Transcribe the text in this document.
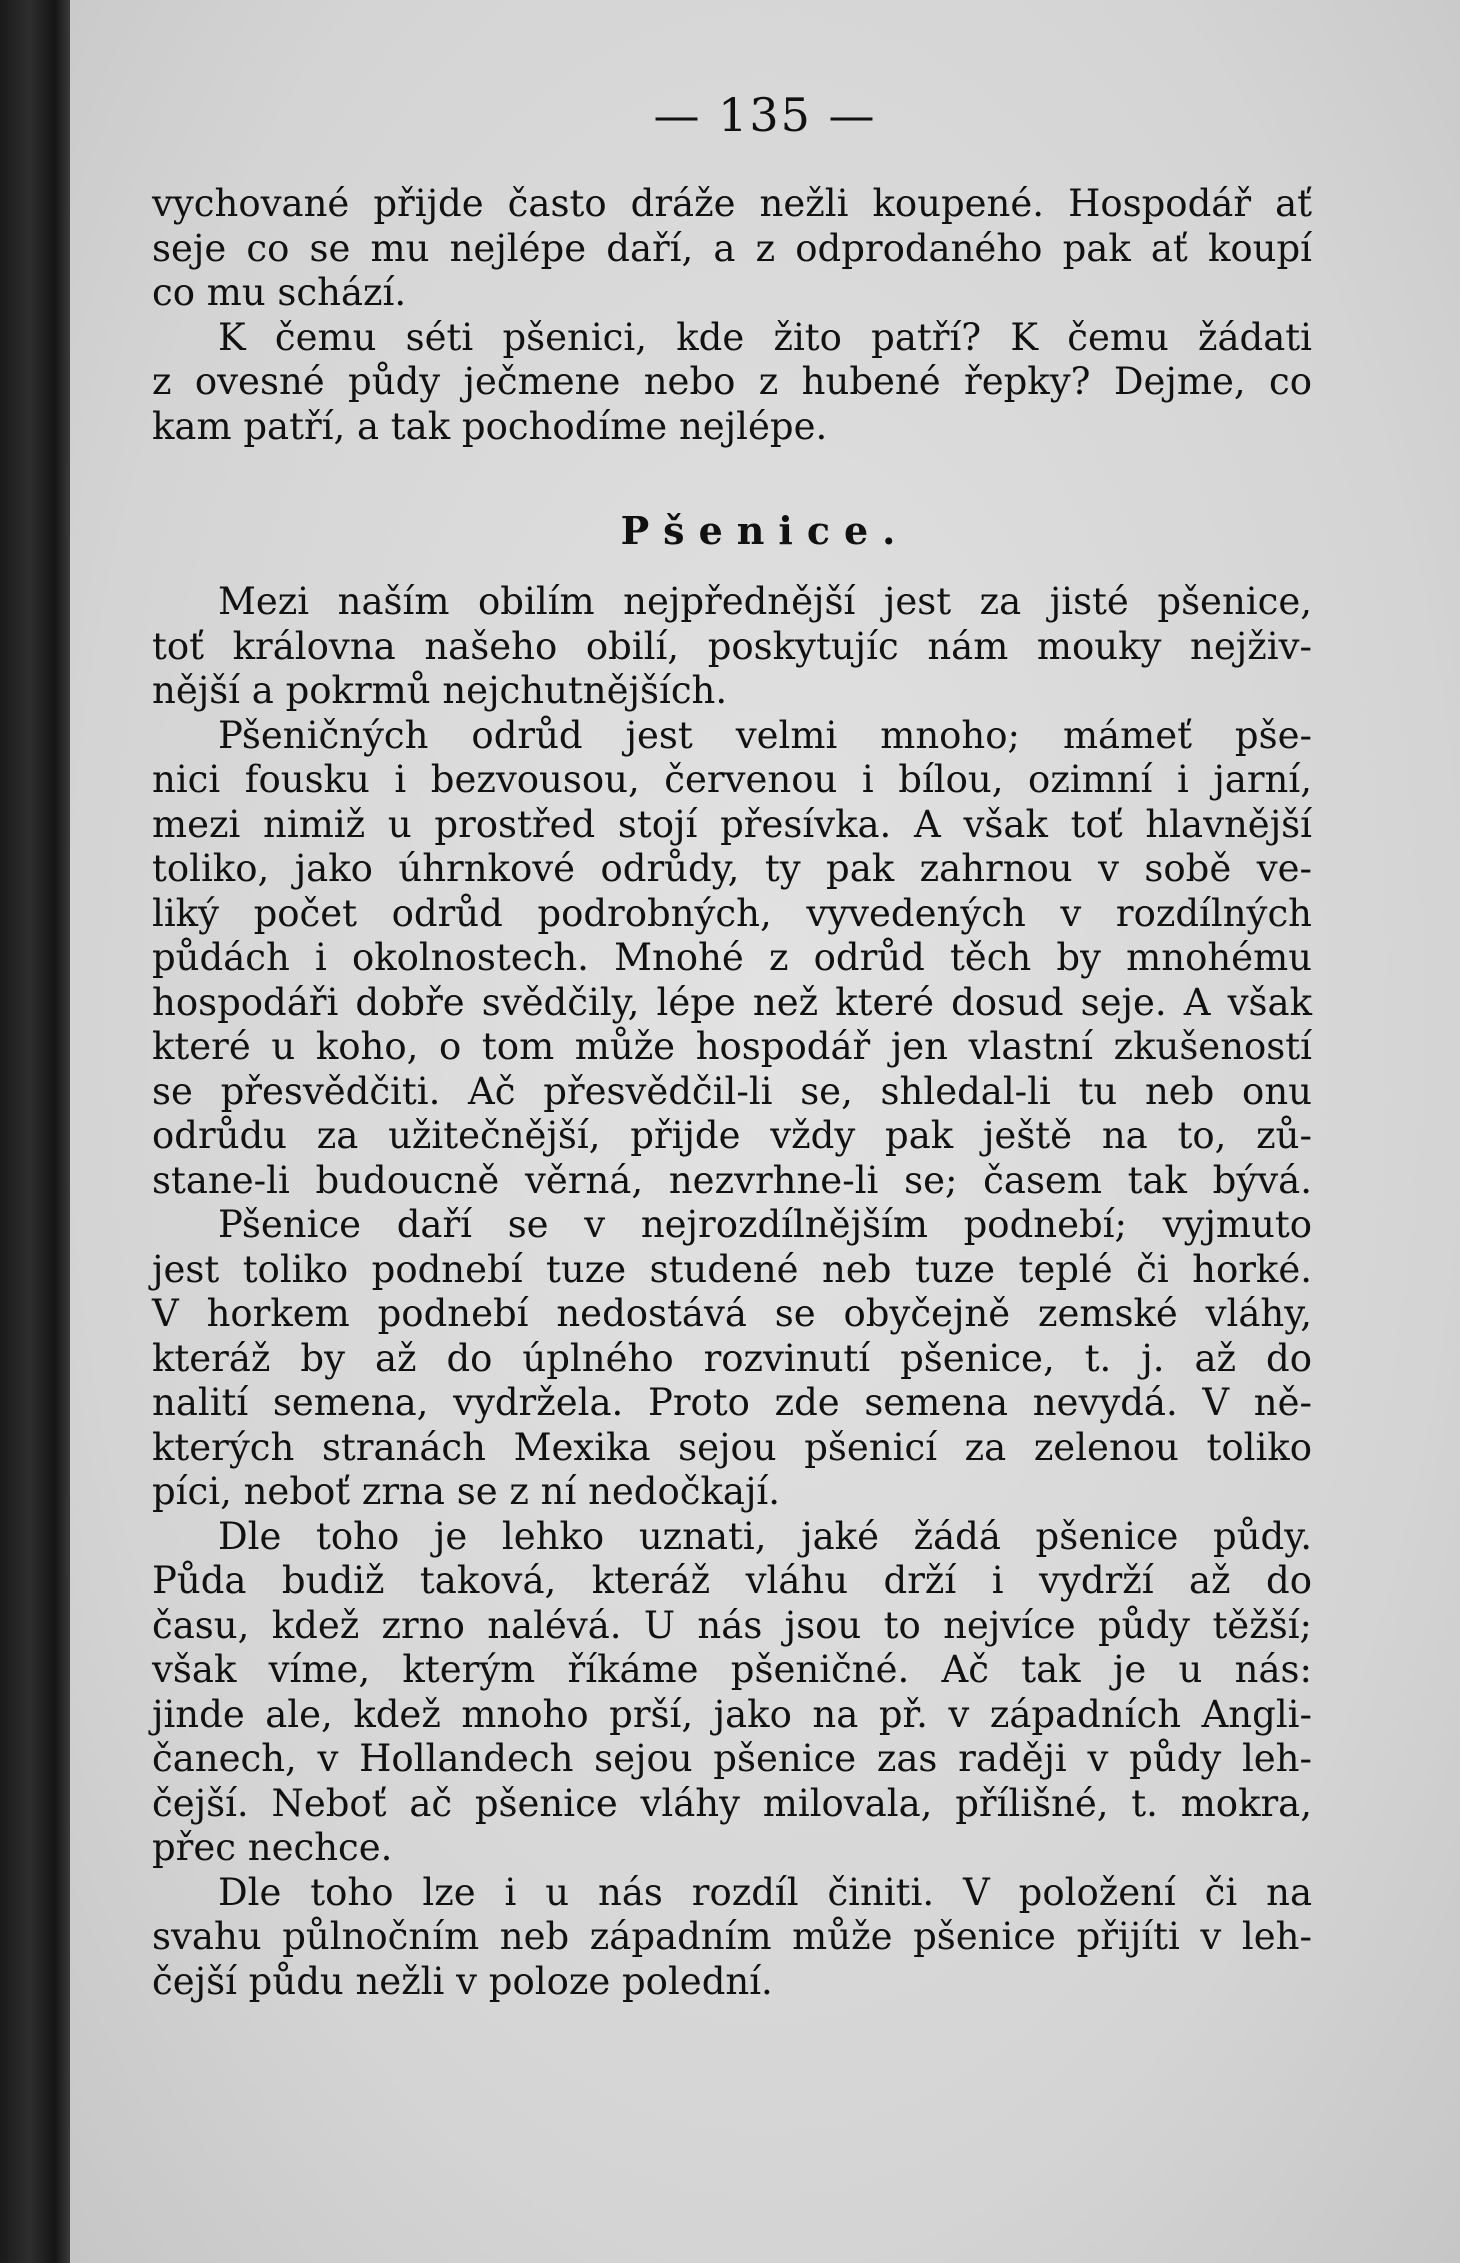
— 135 —
vychované přijde často dráže nežli koupené. Hospodář ať
seje co se mu nejlépe daří, a z odprodaného pak ať koupí
co mu schází.
K čemu séti pšenici, kde žito patří? K čemu žádati
z ovesné půdy ječmene nebo z hubené řepky? Dejme, co
kam patří, a tak pochodíme nejlépe.
Pšenice.
Mezi naším obilím nejpřednější jest za jisté pšenice,
toť královna našeho obilí, poskytujíc nám mouky nejživ-
nější a pokrmů nejchutnějších.
Pšeničných odrůd jest velmi mnoho; mámeť pše-
nici fousku i bezvousou, červenou i bílou, ozimní i jarní,
mezi nimiž u prostřed stojí přesívka. A však toť hlavnější
toliko, jako úhrnkové odrůdy, ty pak zahrnou v sobě ve-
liký počet odrůd podrobných, vyvedených v rozdílných
půdách i okolnostech. Mnohé z odrůd těch by mnohému
hospodáři dobře svědčily, lépe než které dosud seje. A však
které u koho, o tom může hospodář jen vlastní zkušeností
se přesvědčiti. Ač přesvědčil-li se, shledal-li tu neb onu
odrůdu za užitečnější, přijde vždy pak ještě na to, zů-
stane-li budoucně věrná, nezvrhne-li se; časem tak bývá.
Pšenice daří se v nejrozdílnějším podnebí; vyjmuto
jest toliko podnebí tuze studené neb tuze teplé či horké.
V horkem podnebí nedostává se obyčejně zemské vláhy,
kteráž by až do úplného rozvinutí pšenice, t. j. až do
nalití semena, vydržela. Proto zde semena nevydá. V ně-
kterých stranách Mexika sejou pšenicí za zelenou toliko
píci, neboť zrna se z ní nedočkají.
Dle toho je lehko uznati, jaké žádá pšenice půdy.
Půda budiž taková, kteráž vláhu drží i vydrží až do
času, kdež zrno nalévá. U nás jsou to nejvíce půdy těžší;
však víme, kterým říkáme pšeničné. Ač tak je u nás:
jinde ale, kdež mnoho prší, jako na př. v západních Angli-
čanech, v Hollandech sejou pšenice zas raději v půdy leh-
čejší. Neboť ač pšenice vláhy milovala, přílišné, t. mokra,
přec nechce.
Dle toho lze i u nás rozdíl činiti. V položení či na
svahu půlnočním neb západním může pšenice přijíti v leh-
čejší půdu nežli v poloze polední.
